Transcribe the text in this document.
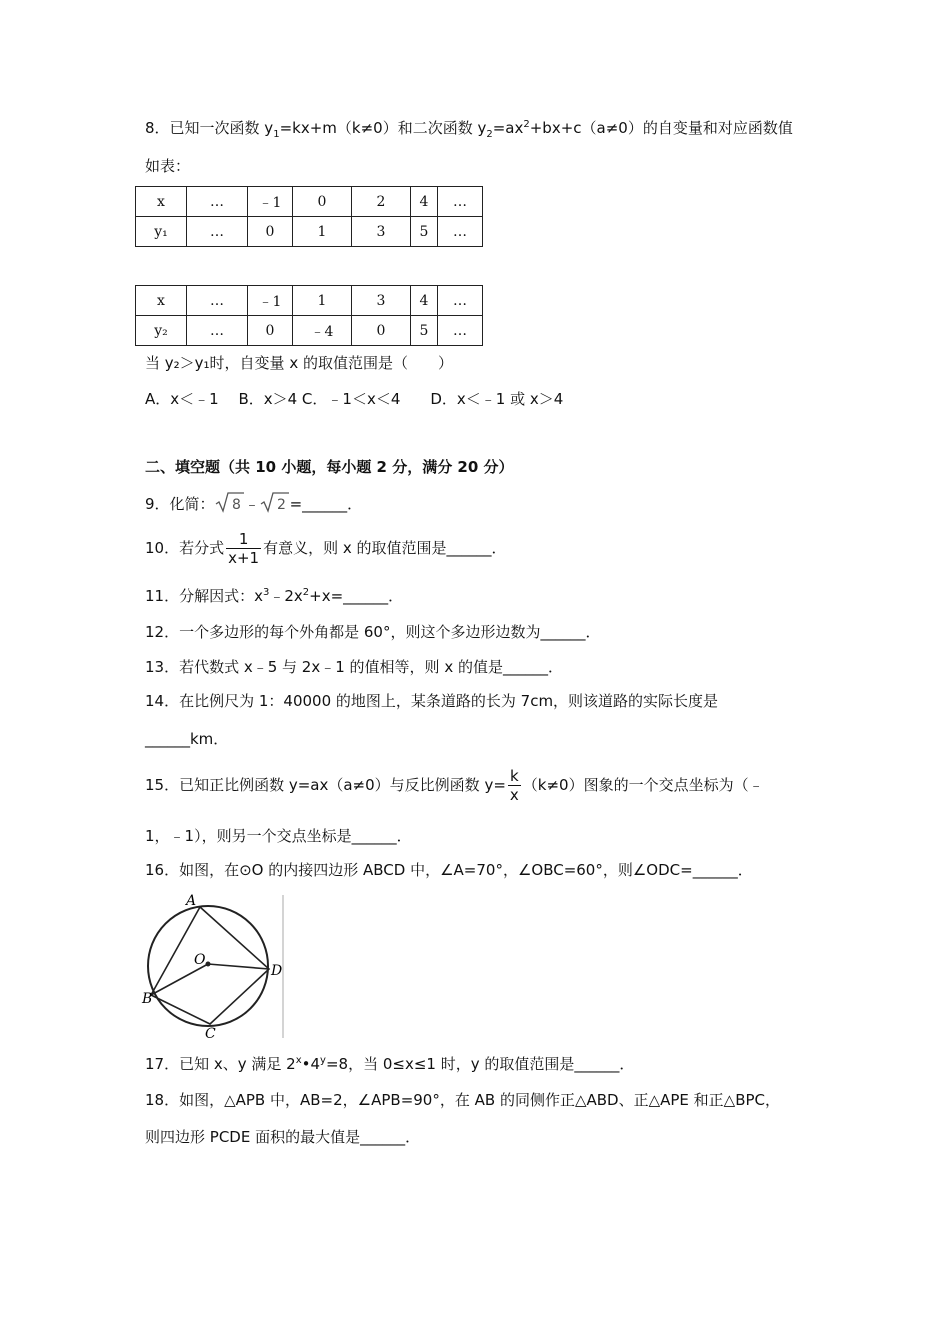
8．已知一次函数 $y_1=kx+m(k\ne 0)$和二次函数 $y_2=ax^2+bx+c(a\ne 0)$的自变量和对应函数值
如表：
x	…	﹣1	0	2	4	…
y₁	…	0	1	3	5	…
x	…	﹣1	1	3	4	…
y₂	…	0	﹣4	0	5	…
当 y₂＞y₁时，自变量 x 的取值范围是（　　）
A．x＜﹣1　 B．x＞4 C．﹣1＜x＜4　　D．x＜﹣1 或 x＞4
二、填空题（共 10 小题，每小题 2 分，满分 20 分）
9．化简： 8 ﹣ 2 =______．
10．若分式 $\frac{1}{x+1}$ 有意义，则 x 的取值范围是______．
11．分解因式：$x^3﹣2x^2+x=\_\_\_\_\_\_$．
12．一个多边形的每个外角都是 60°，则这个多边形边数为______．
13．若代数式 x﹣5 与 2x﹣1 的值相等，则 x 的值是______．
14．在比例尺为 1：40000 的地图上，某条道路的长为 7cm，则该道路的实际长度是
______km．
15．已知正比例函数 y=ax（a≠0）与反比例函数 $y= \frac{k}{x} (k\ne 0)$图象的一个交点坐标为（﹣
1，﹣1），则另一个交点坐标是______．
16．如图，在⊙O 的内接四边形 ABCD 中，∠A=70°，∠OBC=60°，则∠ODC=______．
A
O
D
B
C
17．已知 x、y 满足 $2^x•4^y=8$，当 0≤x≤1 时，y 的取值范围是______．
18．如图，△APB 中，AB=2，∠APB=90°，在 AB 的同侧作正△ABD、正△APE 和正△BPC，
则四边形 PCDE 面积的最大值是______．
